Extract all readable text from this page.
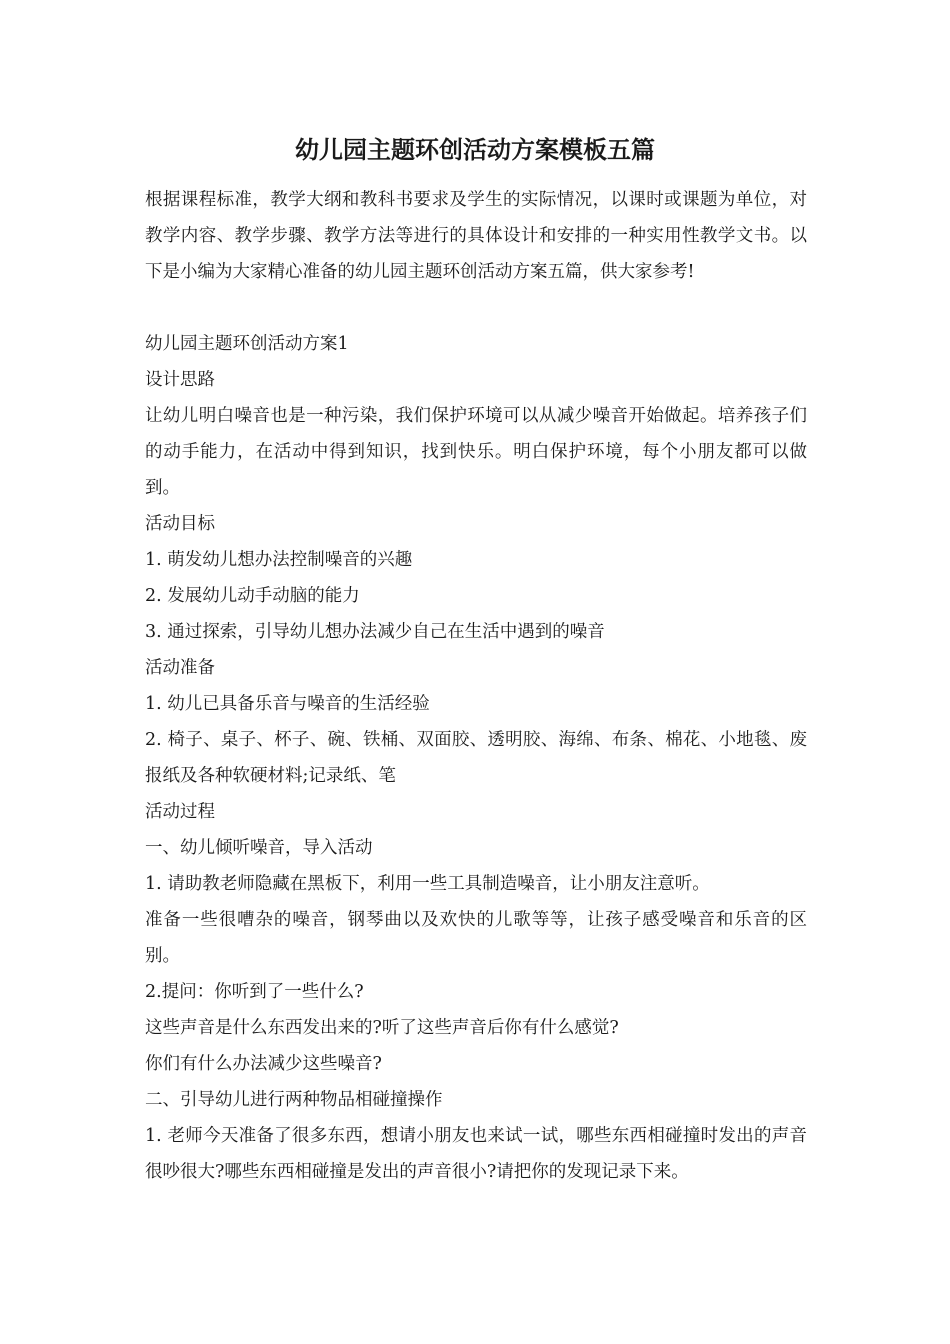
幼儿园主题环创活动方案模板五篇

根据课程标准，教学大纲和教科书要求及学生的实际情况，以课时或课题为单位，对教学内容、教学步骤、教学方法等进行的具体设计和安排的一种实用性教学文书。以下是小编为大家精心准备的幼儿园主题环创活动方案五篇，供大家参考!

幼儿园主题环创活动方案1

设计思路

让幼儿明白噪音也是一种污染，我们保护环境可以从减少噪音开始做起。培养孩子们的动手能力，在活动中得到知识，找到快乐。明白保护环境，每个小朋友都可以做到。

活动目标

1. 萌发幼儿想办法控制噪音的兴趣

2. 发展幼儿动手动脑的能力

3. 通过探索，引导幼儿想办法减少自己在生活中遇到的噪音

活动准备

1. 幼儿已具备乐音与噪音的生活经验

2. 椅子、桌子、杯子、碗、铁桶、双面胶、透明胶、海绵、布条、棉花、小地毯、废报纸及各种软硬材料;记录纸、笔

活动过程

一、幼儿倾听噪音，导入活动

1. 请助教老师隐藏在黑板下，利用一些工具制造噪音，让小朋友注意听。

准备一些很嘈杂的噪音，钢琴曲以及欢快的儿歌等等，让孩子感受噪音和乐音的区别。

2.提问：你听到了一些什么?

这些声音是什么东西发出来的?听了这些声音后你有什么感觉?

你们有什么办法减少这些噪音?

二、引导幼儿进行两种物品相碰撞操作

1. 老师今天准备了很多东西，想请小朋友也来试一试，哪些东西相碰撞时发出的声音很吵很大?哪些东西相碰撞是发出的声音很小?请把你的发现记录下来。
